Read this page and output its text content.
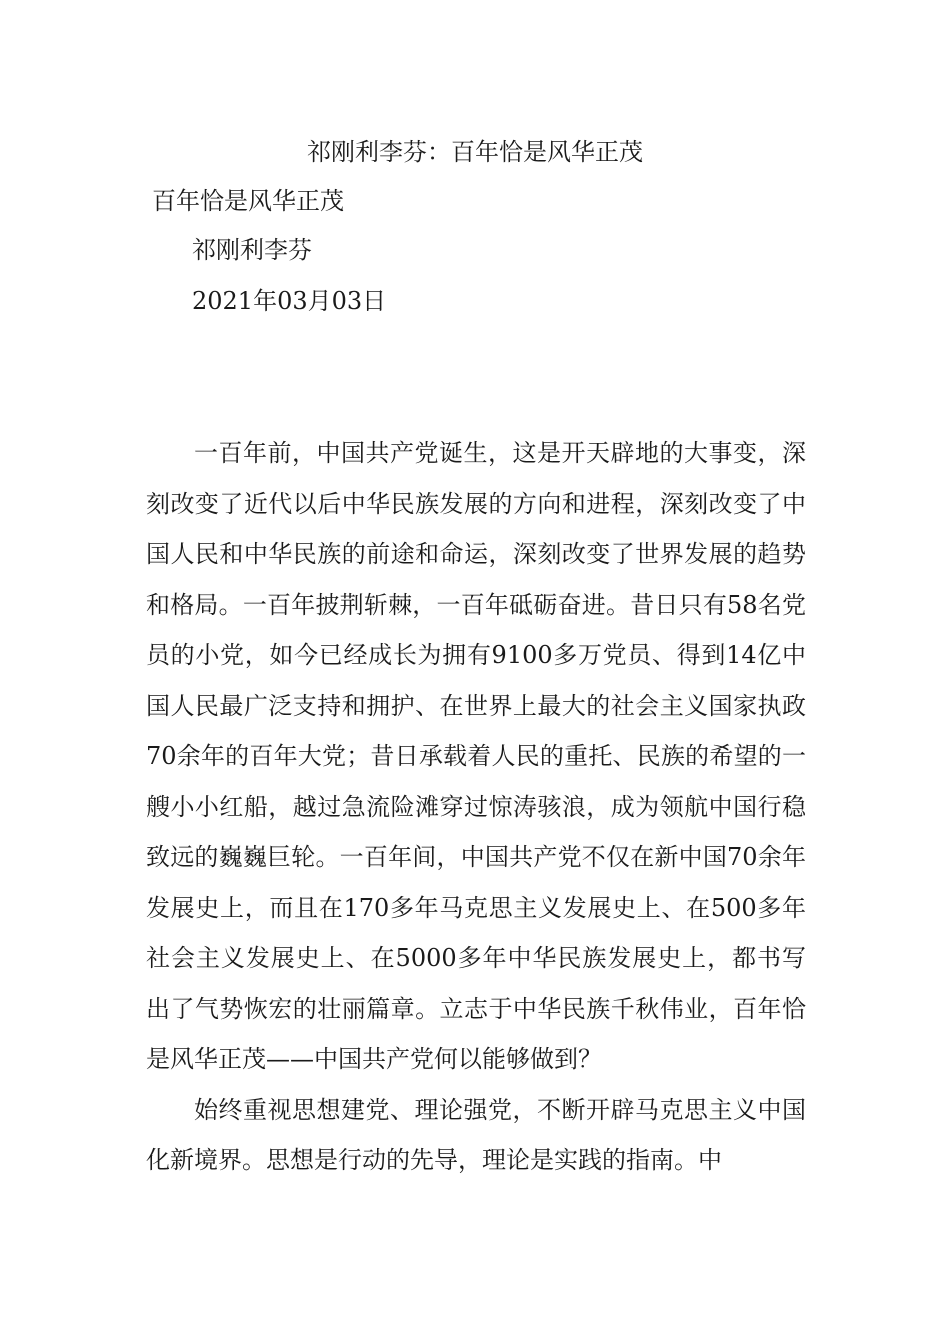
祁刚利李芬：百年恰是风华正茂
百年恰是风华正茂
祁刚利李芬
2021年03月03日

一百年前，中国共产党诞生，这是开天辟地的大事变，深刻改变了近代以后中华民族发展的方向和进程，深刻改变了中国人民和中华民族的前途和命运，深刻改变了世界发展的趋势和格局。一百年披荆斩棘，一百年砥砺奋进。昔日只有58名党员的小党，如今已经成长为拥有9100多万党员、得到14亿中国人民最广泛支持和拥护、在世界上最大的社会主义国家执政70余年的百年大党；昔日承载着人民的重托、民族的希望的一艘小小红船，越过急流险滩穿过惊涛骇浪，成为领航中国行稳致远的巍巍巨轮。一百年间，中国共产党不仅在新中国70余年发展史上，而且在170多年马克思主义发展史上、在500多年社会主义发展史上、在5000多年中华民族发展史上，都书写出了气势恢宏的壮丽篇章。立志于中华民族千秋伟业，百年恰是风华正茂——中国共产党何以能够做到？

始终重视思想建党、理论强党，不断开辟马克思主义中国化新境界。思想是行动的先导，理论是实践的指南。中
